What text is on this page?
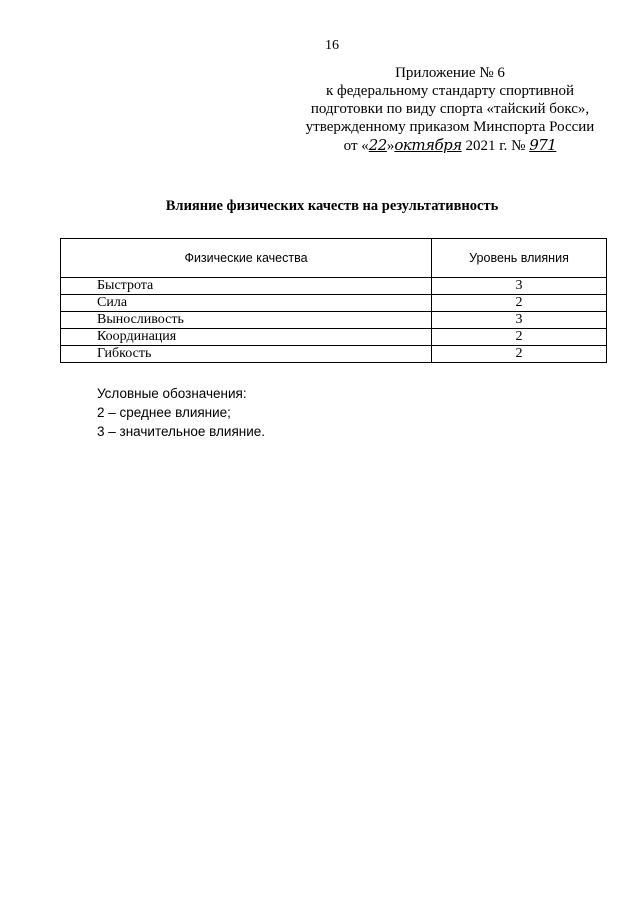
16
Приложение № 6
к федеральному стандарту спортивной
подготовки по виду спорта «тайский бокс»,
утвержденному приказом Минспорта России
от «22»октября 2021 г. № 971
Влияние физических качеств на результативность
Физические качества	Уровень влияния
Быстрота	3
Сила	2
Выносливость	3
Координация	2
Гибкость	2
Условные обозначения:
2 – среднее влияние;
3 – значительное влияние.
